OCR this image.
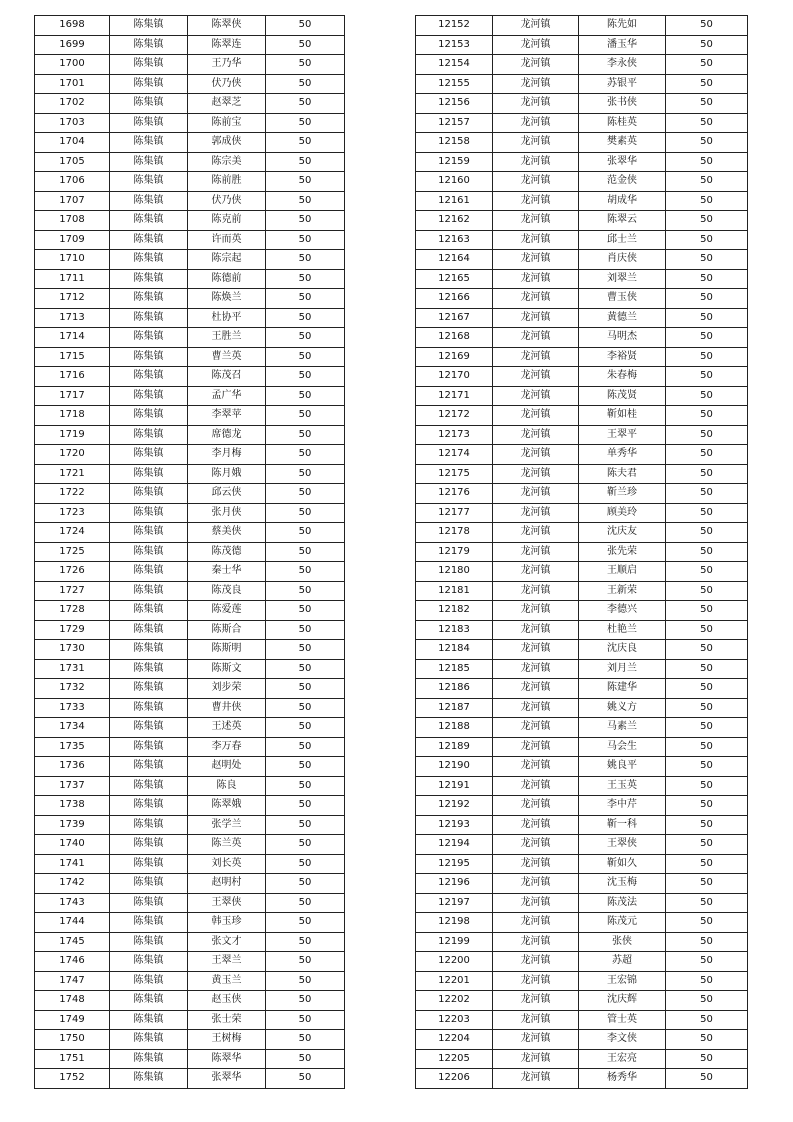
1698	陈集镇	陈翠侠	50
1699	陈集镇	陈翠连	50
1700	陈集镇	王乃华	50
1701	陈集镇	伏乃侠	50
1702	陈集镇	赵翠芝	50
1703	陈集镇	陈前宝	50
1704	陈集镇	郭成侠	50
1705	陈集镇	陈宗美	50
1706	陈集镇	陈前胜	50
1707	陈集镇	伏乃侠	50
1708	陈集镇	陈克前	50
1709	陈集镇	许而英	50
1710	陈集镇	陈宗起	50
1711	陈集镇	陈德前	50
1712	陈集镇	陈焕兰	50
1713	陈集镇	杜协平	50
1714	陈集镇	王胜兰	50
1715	陈集镇	曹兰英	50
1716	陈集镇	陈茂召	50
1717	陈集镇	孟广华	50
1718	陈集镇	李翠苹	50
1719	陈集镇	席德龙	50
1720	陈集镇	李月梅	50
1721	陈集镇	陈月娥	50
1722	陈集镇	邱云侠	50
1723	陈集镇	张月侠	50
1724	陈集镇	蔡美侠	50
1725	陈集镇	陈茂德	50
1726	陈集镇	秦士华	50
1727	陈集镇	陈茂良	50
1728	陈集镇	陈爱莲	50
1729	陈集镇	陈斯合	50
1730	陈集镇	陈斯明	50
1731	陈集镇	陈斯文	50
1732	陈集镇	刘步荣	50
1733	陈集镇	曹井侠	50
1734	陈集镇	王述英	50
1735	陈集镇	李万春	50
1736	陈集镇	赵明处	50
1737	陈集镇	陈良	50
1738	陈集镇	陈翠娥	50
1739	陈集镇	张学兰	50
1740	陈集镇	陈兰英	50
1741	陈集镇	刘长英	50
1742	陈集镇	赵明村	50
1743	陈集镇	王翠侠	50
1744	陈集镇	韩玉珍	50
1745	陈集镇	张文才	50
1746	陈集镇	王翠兰	50
1747	陈集镇	黄玉兰	50
1748	陈集镇	赵玉侠	50
1749	陈集镇	张士荣	50
1750	陈集镇	王树梅	50
1751	陈集镇	陈翠华	50
1752	陈集镇	张翠华	50
12152	龙河镇	陈先如	50
12153	龙河镇	潘玉华	50
12154	龙河镇	李永侠	50
12155	龙河镇	苏银平	50
12156	龙河镇	张书侠	50
12157	龙河镇	陈桂英	50
12158	龙河镇	樊素英	50
12159	龙河镇	张翠华	50
12160	龙河镇	范金侠	50
12161	龙河镇	胡成华	50
12162	龙河镇	陈翠云	50
12163	龙河镇	邱士兰	50
12164	龙河镇	肖庆侠	50
12165	龙河镇	刘翠兰	50
12166	龙河镇	曹玉侠	50
12167	龙河镇	黄德兰	50
12168	龙河镇	马明杰	50
12169	龙河镇	李裕贤	50
12170	龙河镇	朱春梅	50
12171	龙河镇	陈茂贤	50
12172	龙河镇	靳如桂	50
12173	龙河镇	王翠平	50
12174	龙河镇	单秀华	50
12175	龙河镇	陈夫君	50
12176	龙河镇	靳兰珍	50
12177	龙河镇	顾美玲	50
12178	龙河镇	沈庆友	50
12179	龙河镇	张先荣	50
12180	龙河镇	王顺启	50
12181	龙河镇	王新荣	50
12182	龙河镇	李德兴	50
12183	龙河镇	杜艳兰	50
12184	龙河镇	沈庆良	50
12185	龙河镇	刘月兰	50
12186	龙河镇	陈建华	50
12187	龙河镇	姚义方	50
12188	龙河镇	马素兰	50
12189	龙河镇	马会生	50
12190	龙河镇	姚良平	50
12191	龙河镇	王玉英	50
12192	龙河镇	李中芹	50
12193	龙河镇	靳一科	50
12194	龙河镇	王翠侠	50
12195	龙河镇	靳如久	50
12196	龙河镇	沈玉梅	50
12197	龙河镇	陈茂法	50
12198	龙河镇	陈茂元	50
12199	龙河镇	张侠	50
12200	龙河镇	苏超	50
12201	龙河镇	王宏锦	50
12202	龙河镇	沈庆辉	50
12203	龙河镇	管士英	50
12204	龙河镇	李文侠	50
12205	龙河镇	王宏亮	50
12206	龙河镇	杨秀华	50
